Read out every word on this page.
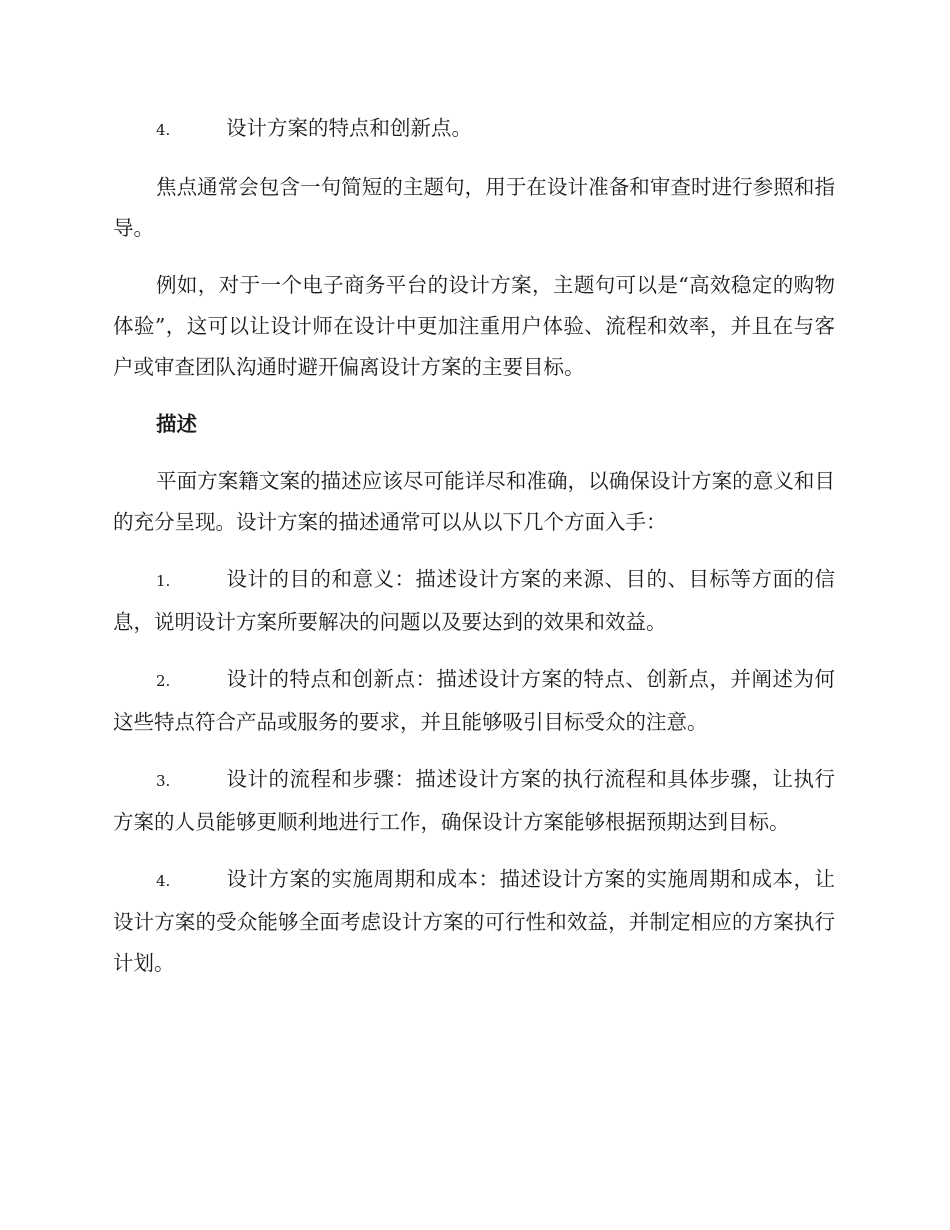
4.	设计方案的特点和创新点。

焦点通常会包含一句简短的主题句，用于在设计准备和审查时进行参照和指导。

例如，对于一个电子商务平台的设计方案，主题句可以是“高效稳定的购物体验”，这可以让设计师在设计中更加注重用户体验、流程和效率，并且在与客户或审查团队沟通时避开偏离设计方案的主要目标。

描述

平面方案籍文案的描述应该尽可能详尽和准确，以确保设计方案的意义和目的充分呈现。设计方案的描述通常可以从以下几个方面入手：

1.	设计的目的和意义：描述设计方案的来源、目的、目标等方面的信息，说明设计方案所要解决的问题以及要达到的效果和效益。

2.	设计的特点和创新点：描述设计方案的特点、创新点，并阐述为何这些特点符合产品或服务的要求，并且能够吸引目标受众的注意。

3.	设计的流程和步骤：描述设计方案的执行流程和具体步骤，让执行方案的人员能够更顺利地进行工作，确保设计方案能够根据预期达到目标。

4.	设计方案的实施周期和成本：描述设计方案的实施周期和成本，让设计方案的受众能够全面考虑设计方案的可行性和效益，并制定相应的方案执行计划。
